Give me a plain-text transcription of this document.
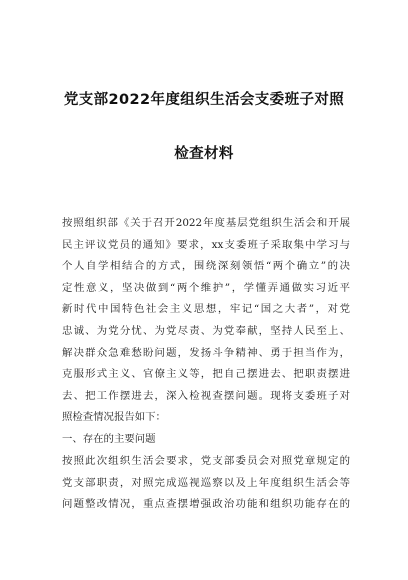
党支部2022年度组织生活会支委班子对照
检查材料
按照组织部《关于召开2022年度基层党组织生活会和开展
民主评议党员的通知》要求，xx支委班子采取集中学习与
个人自学相结合的方式，围绕深刻领悟“两个确立”的决
定性意义，坚决做到“两个维护”，学懂弄通做实习近平
新时代中国特色社会主义思想，牢记“国之大者”，对党
忠诚、为党分忧、为党尽责、为党奉献，坚持人民至上、
解决群众急难愁盼问题，发扬斗争精神、勇于担当作为，
克服形式主义、官僚主义等，把自己摆进去、把职责摆进
去、把工作摆进去，深入检视查摆问题。现将支委班子对
照检查情况报告如下：
一、存在的主要问题
按照此次组织生活会要求，党支部委员会对照党章规定的
党支部职责，对照完成巡视巡察以及上年度组织生活会等
问题整改情况，重点查摆增强政治功能和组织功能存在的
